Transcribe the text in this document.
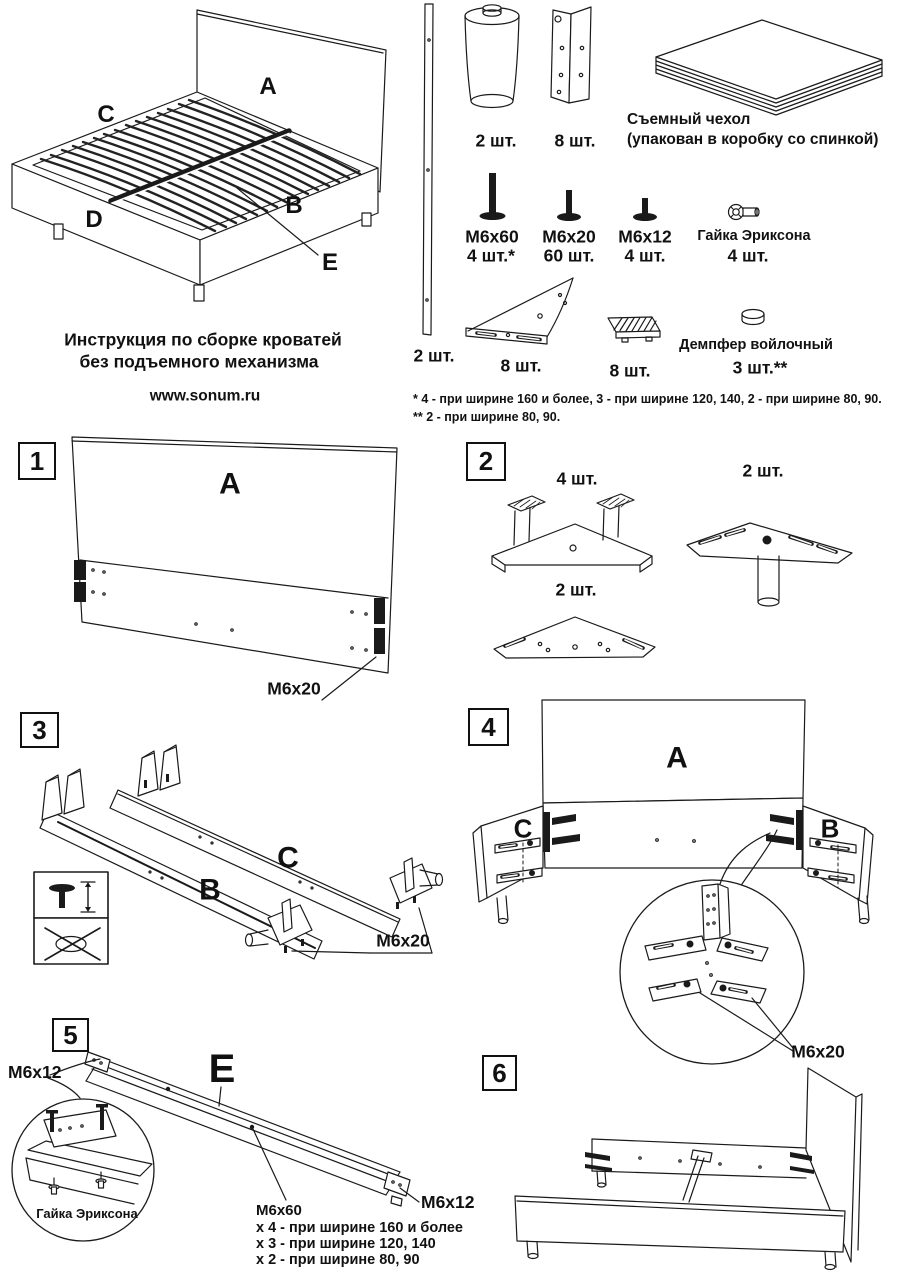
Инструкция по сборке кроватей
без подъемного механизма
www.sonum.ru
A
C
D
B
E
2 шт.
2 шт. 8 шт.
Съемный чехол
(упакован в коробку со спинкой)
М6х60
4 шт.*
М6х20
60 шт.
М6х12
4 шт.
Гайка Эриксона
4 шт.
8 шт.	8 шт.
Демпфер войлочный
3 шт.**
* 4 - при ширине 160 и более, 3 - при ширине 120, 140, 2 - при ширине 80, 90.
** 2 - при ширине 80, 90.
1	2
3	4
5
6
A
М6х20
4 шт.	2 шт.
2 шт.
B
C
М6х20
A
C	B
М6х20
E
М6х12
Гайка Эриксона	М6х60
х 4 - при ширине 160 и более
х 3 - при ширине 120, 140
х 2 - при ширине 80, 90
М6х12
